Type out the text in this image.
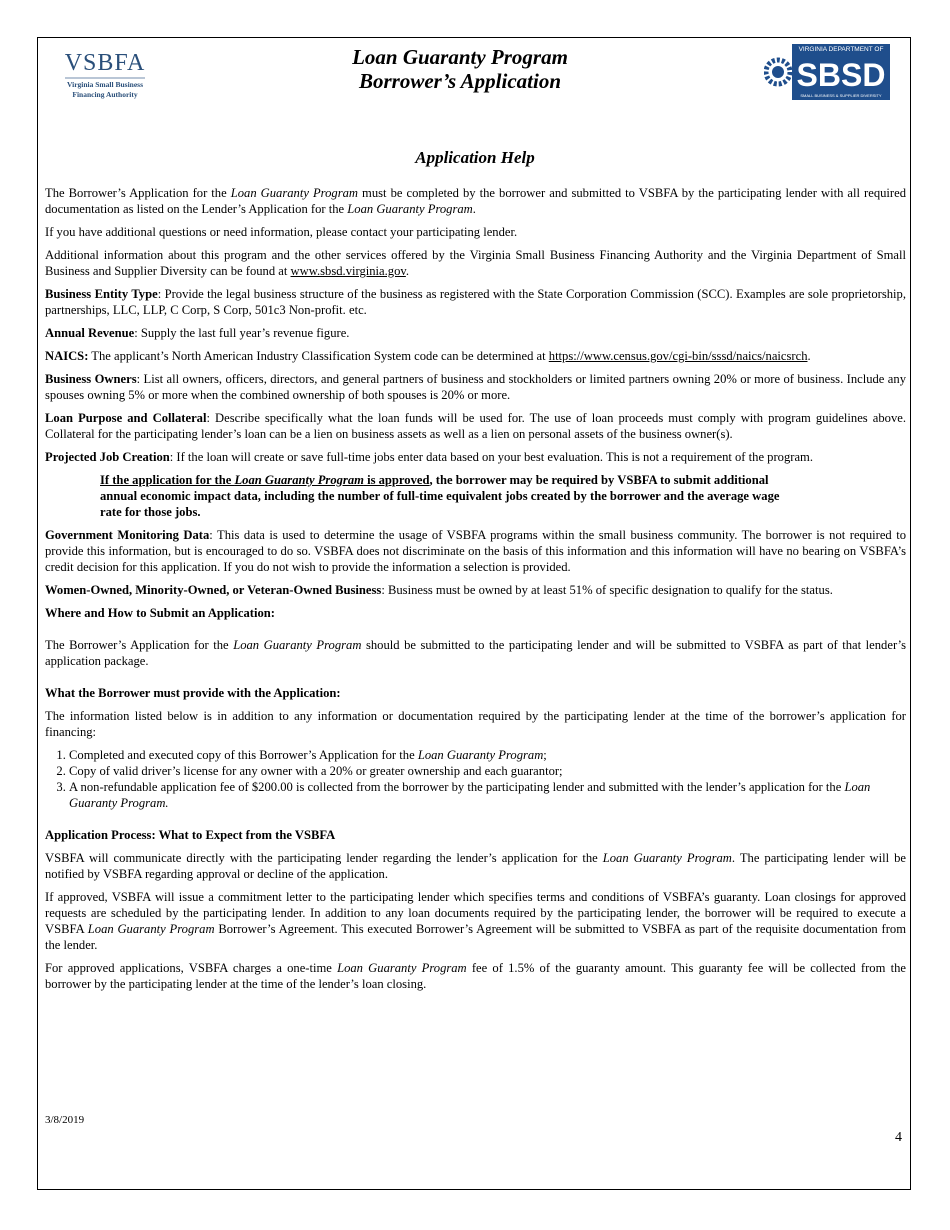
VSBFA
Virginia Small Business
Financing Authority
Loan Guaranty Program
Borrower’s Application
VIRGINIA DEPARTMENT OF
SBSD
SMALL BUSINESS & SUPPLIER DIVERSITY
Application Help

The Borrower’s Application for the Loan Guaranty Program must be completed by the borrower and submitted to VSBFA by the participating lender with all required documentation as listed on the Lender’s Application for the Loan Guaranty Program.

If you have additional questions or need information, please contact your participating lender.

Additional information about this program and the other services offered by the Virginia Small Business Financing Authority and the Virginia Department of Small Business and Supplier Diversity can be found at www.sbsd.virginia.gov.

Business Entity Type: Provide the legal business structure of the business as registered with the State Corporation Commission (SCC). Examples are sole proprietorship, partnerships, LLC, LLP, C Corp, S Corp, 501c3 Non-profit. etc.

Annual Revenue: Supply the last full year’s revenue figure.

NAICS: The applicant’s North American Industry Classification System code can be determined at https://www.census.gov/cgi-bin/sssd/naics/naicsrch.

Business Owners: List all owners, officers, directors, and general partners of business and stockholders or limited partners owning 20% or more of business. Include any spouses owning 5% or more when the combined ownership of both spouses is 20% or more.

Loan Purpose and Collateral: Describe specifically what the loan funds will be used for. The use of loan proceeds must comply with program guidelines above. Collateral for the participating lender’s loan can be a lien on business assets as well as a lien on personal assets of the business owner(s).

Projected Job Creation: If the loan will create or save full-time jobs enter data based on your best evaluation. This is not a requirement of the program.

If the application for the Loan Guaranty Program is approved, the borrower may be required by VSBFA to submit additional annual economic impact data, including the number of full-time equivalent jobs created by the borrower and the average wage rate for those jobs.

Government Monitoring Data: This data is used to determine the usage of VSBFA programs within the small business community. The borrower is not required to provide this information, but is encouraged to do so. VSBFA does not discriminate on the basis of this information and this information will have no bearing on VSBFA’s credit decision for this application. If you do not wish to provide the information a selection is provided.

Women-Owned, Minority-Owned, or Veteran-Owned Business: Business must be owned by at least 51% of specific designation to qualify for the status.

Where and How to Submit an Application:

The Borrower’s Application for the Loan Guaranty Program should be submitted to the participating lender and will be submitted to VSBFA as part of that lender’s application package.

What the Borrower must provide with the Application:

The information listed below is in addition to any information or documentation required by the participating lender at the time of the borrower’s application for financing:

1. Completed and executed copy of this Borrower’s Application for the Loan Guaranty Program;
2. Copy of valid driver’s license for any owner with a 20% or greater ownership and each guarantor;
3. A non-refundable application fee of $200.00 is collected from the borrower by the participating lender and submitted with the lender’s application for the Loan Guaranty Program.
Application Process: What to Expect from the VSBFA

VSBFA will communicate directly with the participating lender regarding the lender’s application for the Loan Guaranty Program. The participating lender will be notified by VSBFA regarding approval or decline of the application.

If approved, VSBFA will issue a commitment letter to the participating lender which specifies terms and conditions of VSBFA’s guaranty. Loan closings for approved requests are scheduled by the participating lender. In addition to any loan documents required by the participating lender, the borrower will be required to execute a VSBFA Loan Guaranty Program Borrower’s Agreement. This executed Borrower’s Agreement will be submitted to VSBFA as part of the requisite documentation from the lender.

For approved applications, VSBFA charges a one-time Loan Guaranty Program fee of 1.5% of the guaranty amount. This guaranty fee will be collected from the borrower by the participating lender at the time of the lender’s loan closing.

3/8/2019
4
